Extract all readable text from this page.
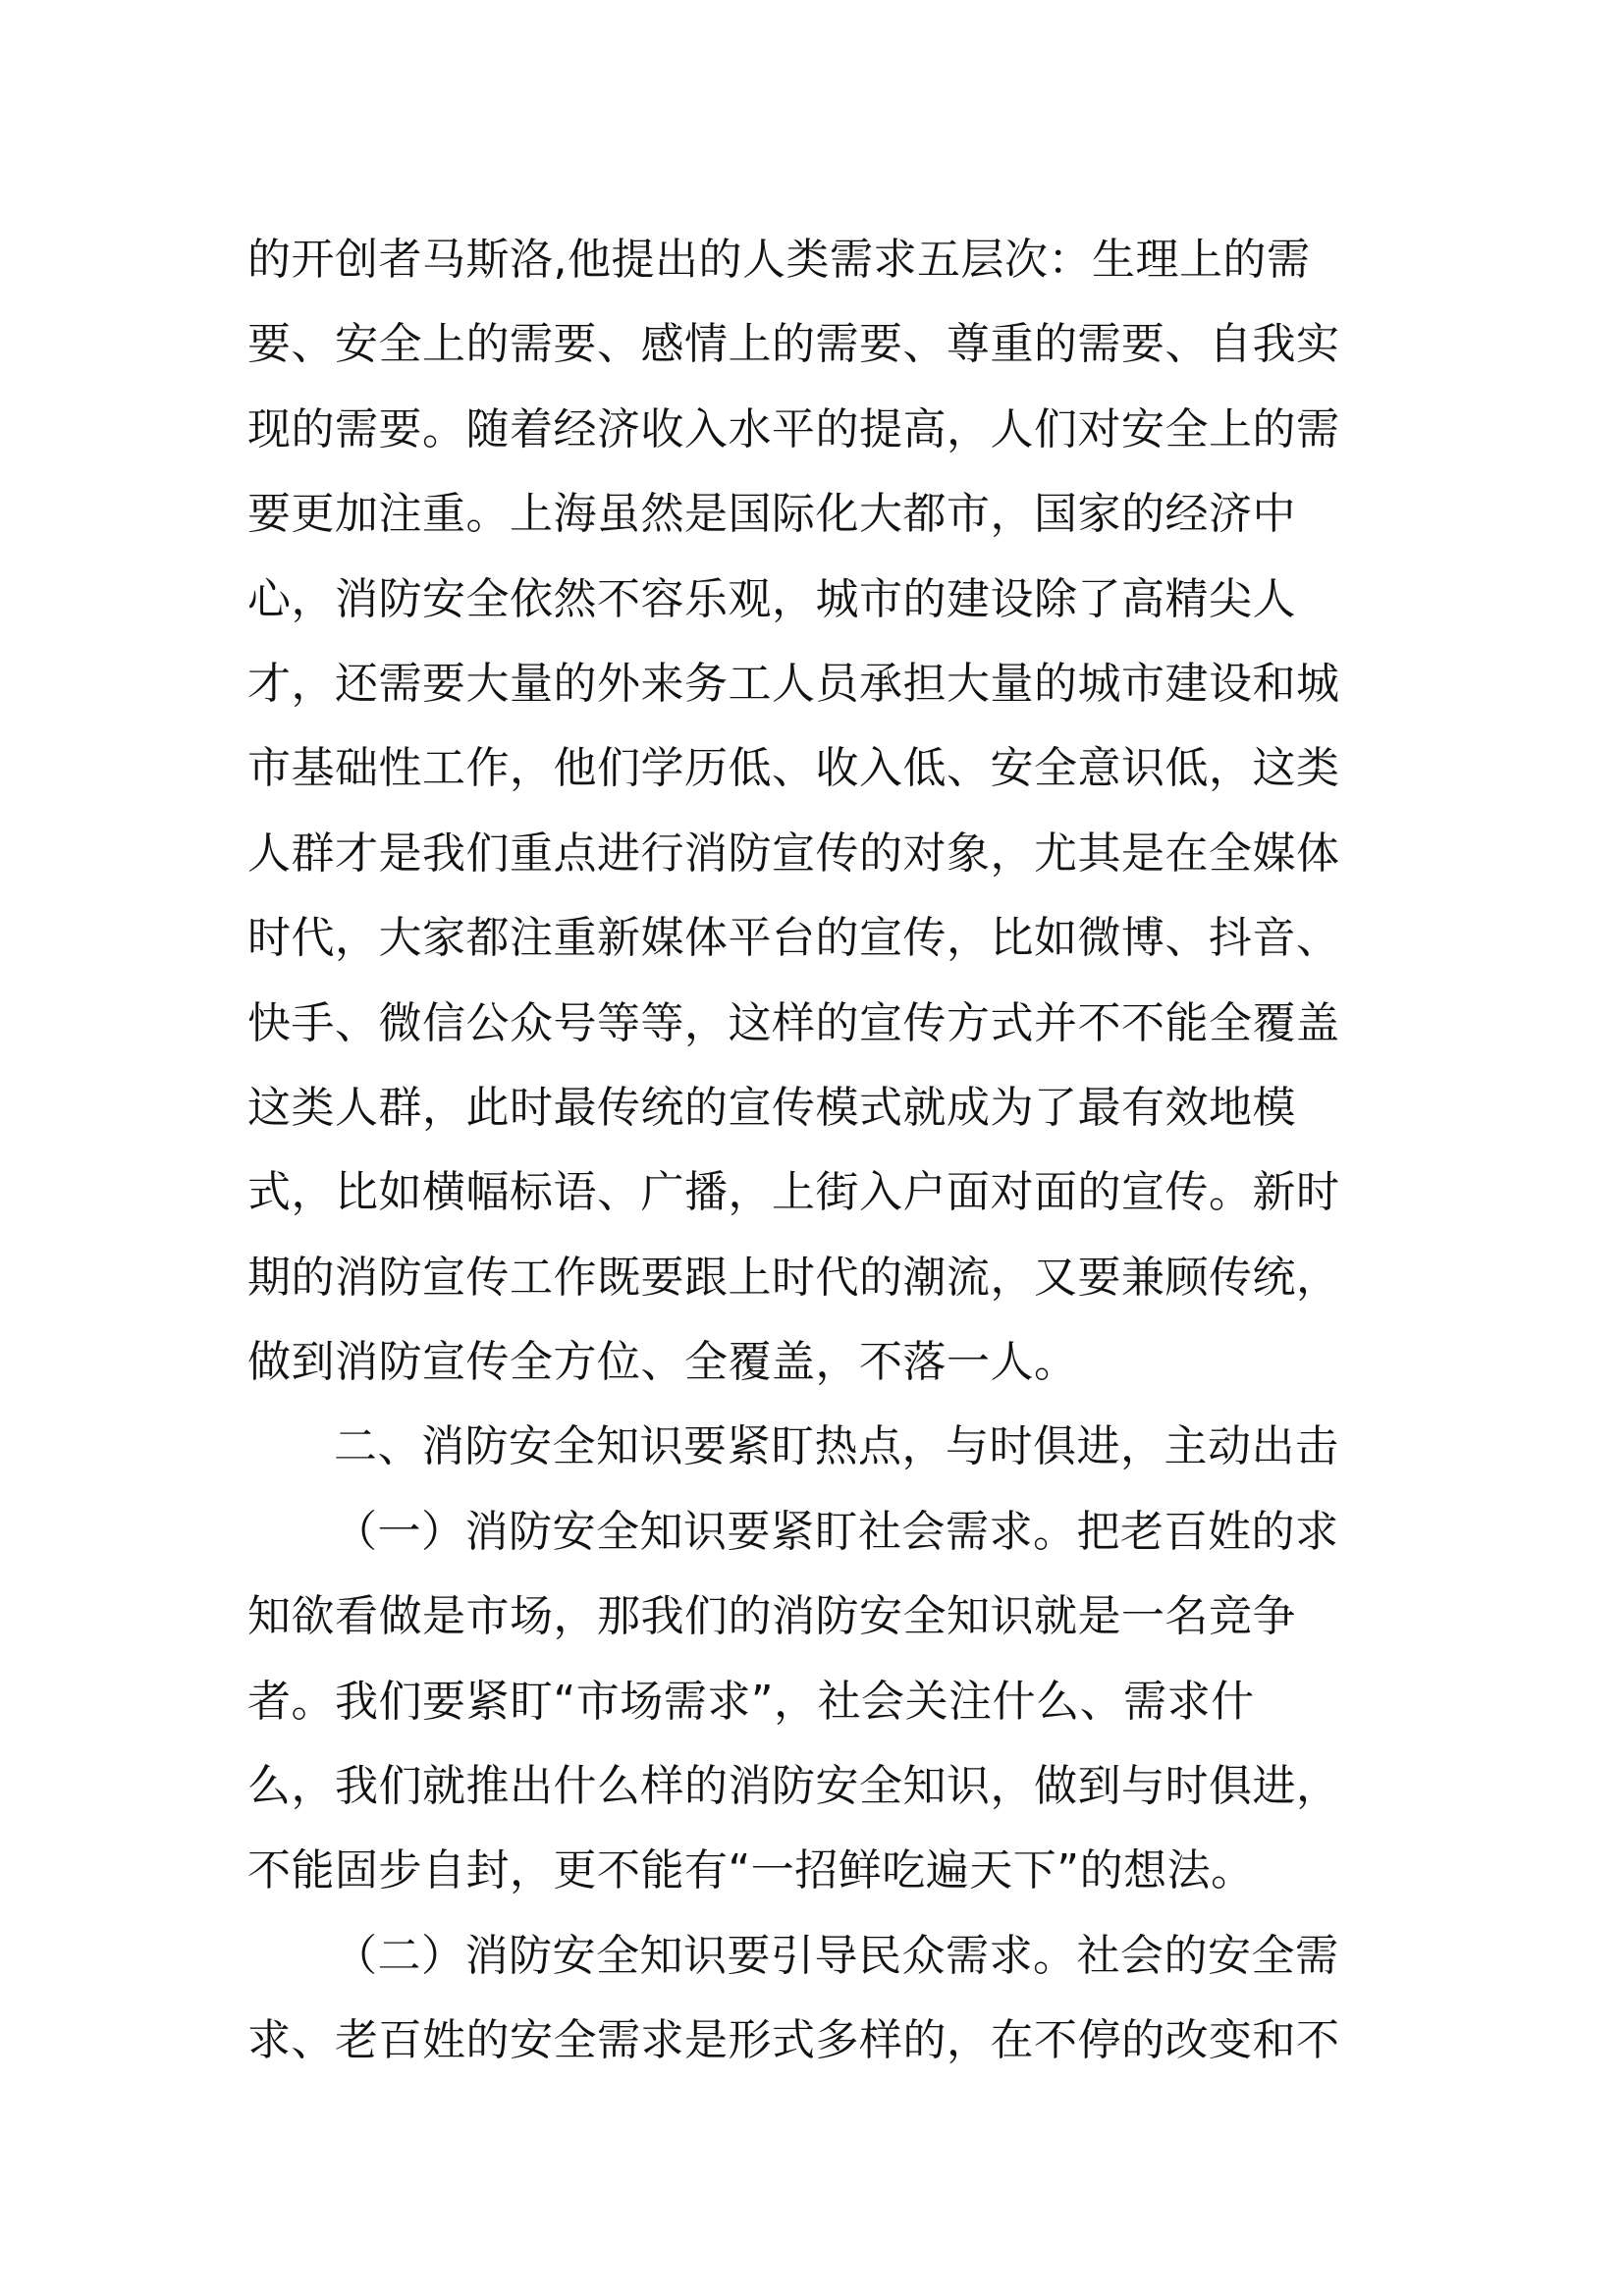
的开创者马斯洛,他提出的人类需求五层次：生理上的需
要、安全上的需要、感情上的需要、尊重的需要、自我实
现的需要。随着经济收入水平的提高，人们对安全上的需
要更加注重。上海虽然是国际化大都市，国家的经济中
心，消防安全依然不容乐观，城市的建设除了高精尖人
才，还需要大量的外来务工人员承担大量的城市建设和城
市基础性工作，他们学历低、收入低、安全意识低，这类
人群才是我们重点进行消防宣传的对象，尤其是在全媒体
时代，大家都注重新媒体平台的宣传，比如微博、抖音、
快手、微信公众号等等，这样的宣传方式并不不能全覆盖
这类人群，此时最传统的宣传模式就成为了最有效地模
式，比如横幅标语、广播，上街入户面对面的宣传。新时
期的消防宣传工作既要跟上时代的潮流，又要兼顾传统，
做到消防宣传全方位、全覆盖，不落一人。
二、消防安全知识要紧盯热点，与时俱进，主动出击
（一）消防安全知识要紧盯社会需求。把老百姓的求
知欲看做是市场，那我们的消防安全知识就是一名竞争
者。我们要紧盯“市场需求”，社会关注什么、需求什
么，我们就推出什么样的消防安全知识，做到与时俱进，
不能固步自封，更不能有“一招鲜吃遍天下”的想法。
（二）消防安全知识要引导民众需求。社会的安全需
求、老百姓的安全需求是形式多样的，在不停的改变和不
